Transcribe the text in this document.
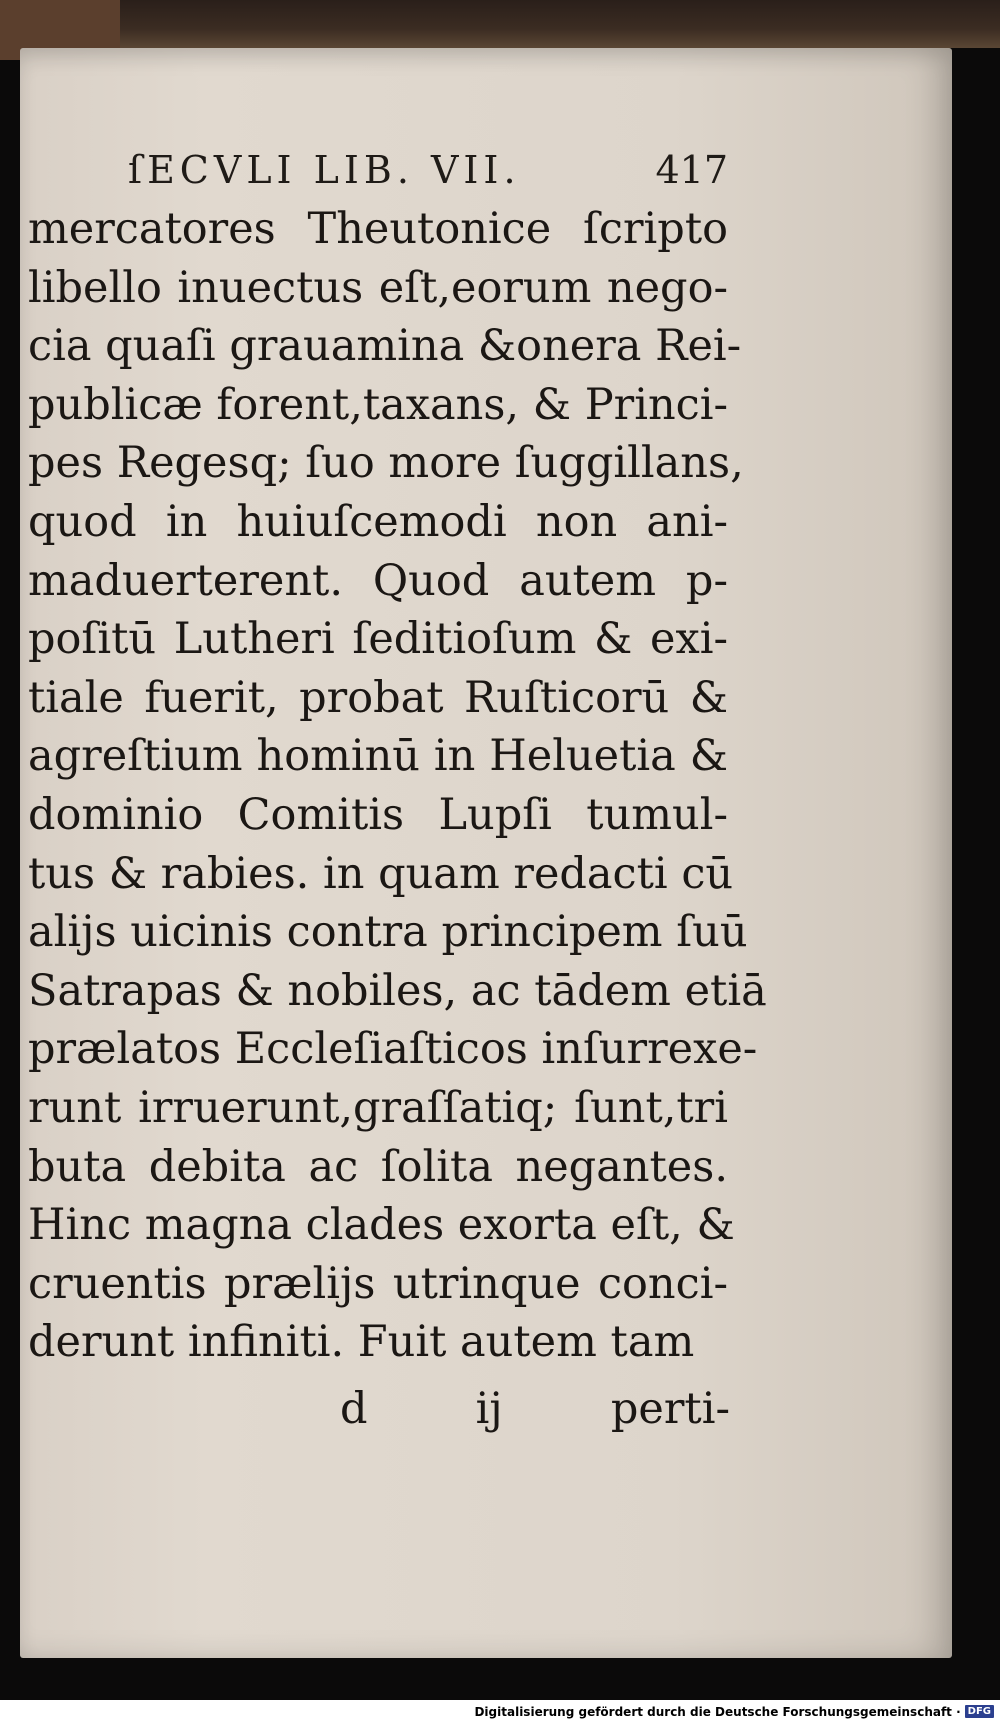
ſECVLI LIB. VII.	417
mercatores Theutonice ſcripto
libello inuectus eſt,eorum nego-
cia quaſi grauamina &onera Rei-
publicæ forent,taxans, & Princi-
pes Regesq; ſuo more ſuggillans,
quod in huiuſcemodi non ani-
maduerterent. Quod autem p-
poſitū Lutheri ſeditioſum & exi-
tiale fuerit, probat Ruſticorū &
agreſtium hominū in Heluetia &
dominio Comitis Lupſi tumul-
tus & rabies. in quam redacti cū
alijs uicinis contra principem ſuū
Satrapas & nobiles, ac tādem etiā
prælatos Eccleſiaſticos inſurrexe-
runt irruerunt,graſſatiq; ſunt,tri
buta debita ac ſolita negantes.
Hinc magna clades exorta eſt, &
cruentis prælijs utrinque conci-
derunt infiniti. Fuit autem tam
d	ij	perti-
Digitalisierung gefördert durch die Deutsche Forschungsgemeinschaft · DFG
